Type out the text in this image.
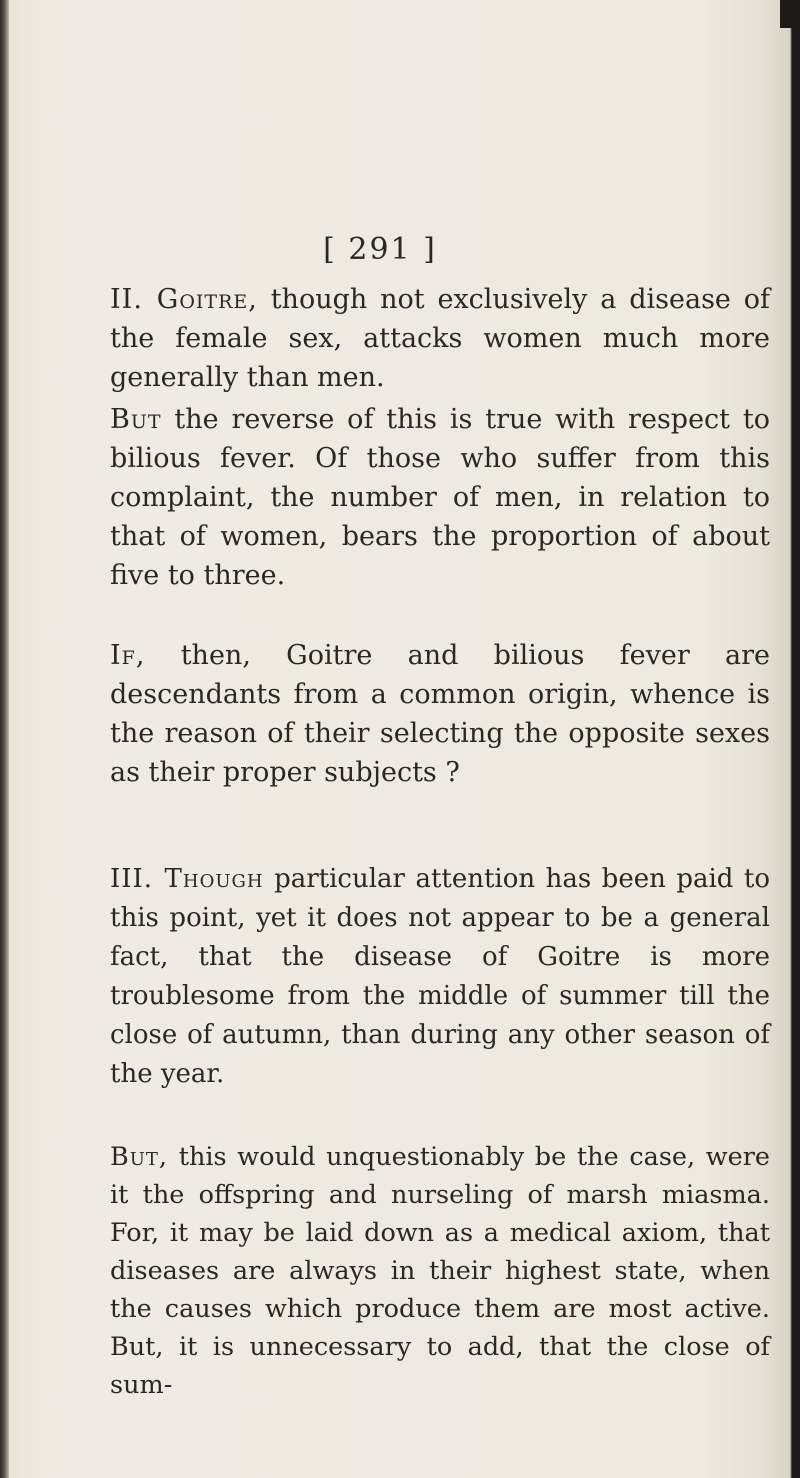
[ 291 ]

II. Goitre, though not exclusively a disease of the female sex, attacks women much more generally than men.

But the reverse of this is true with respect to bilious fever. Of those who suffer from this complaint, the number of men, in relation to that of women, bears the proportion of about five to three.

If, then, Goitre and bilious fever are descendants from a common origin, whence is the reason of their selecting the opposite sexes as their proper subjects ?

III. Though particular attention has been paid to this point, yet it does not appear to be a general fact, that the disease of Goitre is more troublesome from the middle of summer till the close of autumn, than during any other season of the year.

But, this would unquestionably be the case, were it the offspring and nurseling of marsh miasma. For, it may be laid down as a medical axiom, that diseases are always in their highest state, when the causes which produce them are most active. But, it is unnecessary to add, that the close of sum-
